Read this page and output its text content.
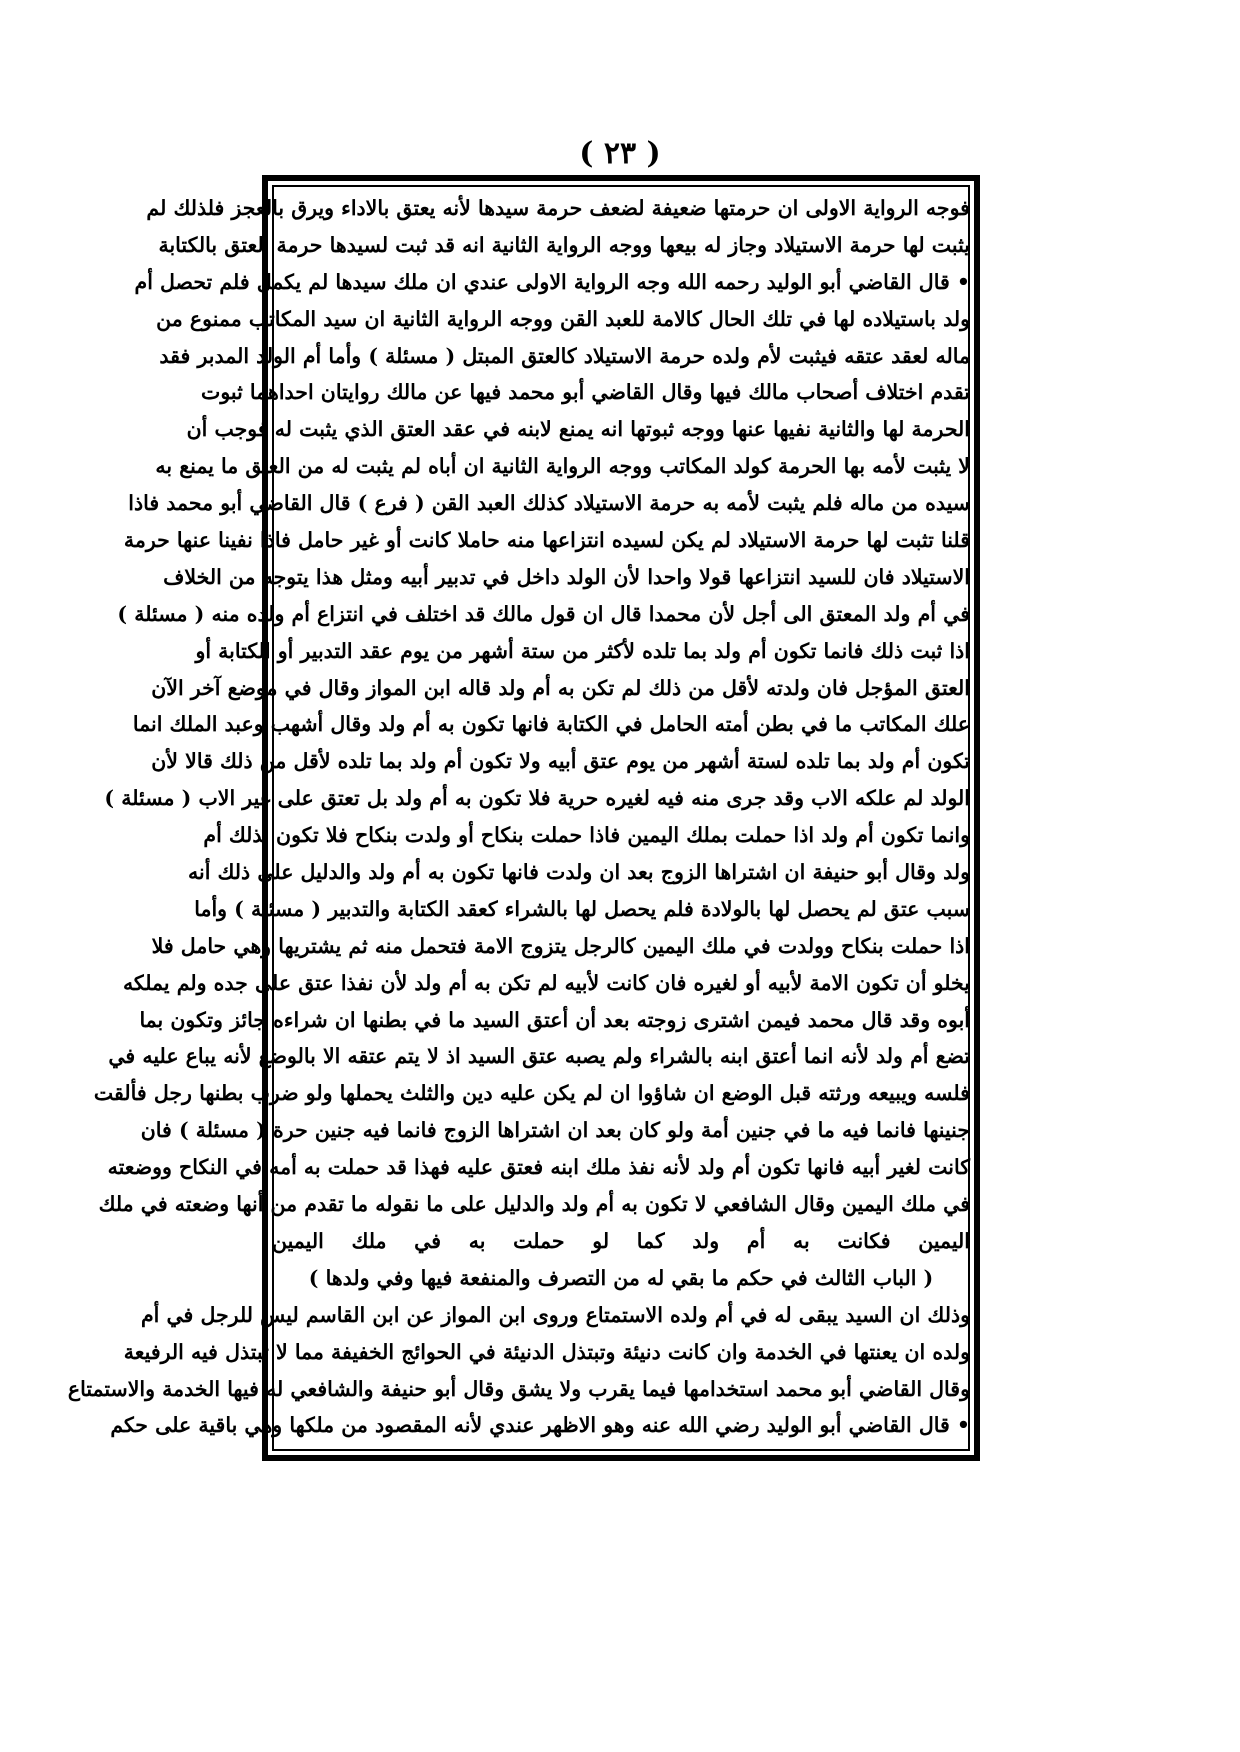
( ٢٣ )
فوجه الرواية الاولى ان حرمتها ضعيفة لضعف حرمة سيدها لأنه يعتق بالاداء ويرق بالعجز فلذلك لم
يثبت لها حرمة الاستيلاد وجاز له بيعها ووجه الرواية الثانية انه قد ثبت لسيدها حرمة العتق بالكتابة
• قال القاضي أبو الوليد رحمه الله وجه الرواية الاولى عندي ان ملك سيدها لم يكمل فلم تحصل أم
ولد باستيلاده لها في تلك الحال كالامة للعبد القن ووجه الرواية الثانية ان سيد المكاتب ممنوع من
ماله لعقد عتقه فيثبت لأم ولده حرمة الاستيلاد كالعتق المبتل ( مسئلة ) وأما أم الولد المدبر فقد
تقدم اختلاف أصحاب مالك فيها وقال القاضي أبو محمد فيها عن مالك روايتان احداهما ثبوت
الحرمة لها والثانية نفيها عنها ووجه ثبوتها انه يمنع لابنه في عقد العتق الذي يثبت له فوجب أن
لا يثبت لأمه بها الحرمة كولد المكاتب ووجه الرواية الثانية ان أباه لم يثبت له من العتق ما يمنع به
سيده من ماله فلم يثبت لأمه به حرمة الاستيلاد كذلك العبد القن ( فرع ) قال القاضي أبو محمد فاذا
قلنا تثبت لها حرمة الاستيلاد لم يكن لسيده انتزاعها منه حاملا كانت أو غير حامل فاذا نفينا عنها حرمة
الاستيلاد فان للسيد انتزاعها قولا واحدا لأن الولد داخل في تدبير أبيه ومثل هذا يتوجه من الخلاف
في أم ولد المعتق الى أجل لأن محمدا قال ان قول مالك قد اختلف في انتزاع أم ولده منه ( مسئلة )
اذا ثبت ذلك فانما تكون أم ولد بما تلده لأكثر من ستة أشهر من يوم عقد التدبير أو الكتابة أو
العتق المؤجل فان ولدته لأقل من ذلك لم تكن به أم ولد قاله ابن المواز وقال في موضع آخر الآن
علك المكاتب ما في بطن أمته الحامل في الكتابة فانها تكون به أم ولد وقال أشهب وعبد الملك انما
تكون أم ولد بما تلده لستة أشهر من يوم عتق أبيه ولا تكون أم ولد بما تلده لأقل من ذلك قالا لأن
الولد لم علكه الاب وقد جرى منه فيه لغيره حرية فلا تكون به أم ولد بل تعتق على غير الاب ( مسئلة )
وانما تكون أم ولد اذا حملت بملك اليمين فاذا حملت بنكاح أو ولدت بنكاح فلا تكون بذلك أم
ولد وقال أبو حنيفة ان اشتراها الزوج بعد ان ولدت فانها تكون به أم ولد والدليل على ذلك أنه
سبب عتق لم يحصل لها بالولادة فلم يحصل لها بالشراء كعقد الكتابة والتدبير ( مسئلة ) وأما
اذا حملت بنكاح وولدت في ملك اليمين كالرجل يتزوج الامة فتحمل منه ثم يشتريها وهي حامل فلا
يخلو أن تكون الامة لأبيه أو لغيره فان كانت لأبيه لم تكن به أم ولد لأن نفذا عتق على جده ولم يملكه
أبوه وقد قال محمد فيمن اشترى زوجته بعد أن أعتق السيد ما في بطنها ان شراءه جائز وتكون بما
تضع أم ولد لأنه انما أعتق ابنه بالشراء ولم يصبه عتق السيد اذ لا يتم عتقه الا بالوضع لأنه يباع عليه في
فلسه ويبيعه ورثته قبل الوضع ان شاؤوا ان لم يكن عليه دين والثلث يحملها ولو ضرب بطنها رجل فألقت
جنينها فانما فيه ما في جنين أمة ولو كان بعد ان اشتراها الزوج فانما فيه جنين حرة ( مسئلة ) فان
كانت لغير أبيه فانها تكون أم ولد لأنه نفذ ملك ابنه فعتق عليه فهذا قد حملت به أمه في النكاح ووضعته
في ملك اليمين وقال الشافعي لا تكون به أم ولد والدليل على ما نقوله ما تقدم من أنها وضعته في ملك
اليمين فكانت به أم ولد كما لو حملت به في ملك اليمين
( الباب الثالث في حكم ما بقي له من التصرف والمنفعة فيها وفي ولدها )
وذلك ان السيد يبقى له في أم ولده الاستمتاع وروى ابن المواز عن ابن القاسم ليس للرجل في أم
ولده ان يعنتها في الخدمة وان كانت دنيئة وتبتذل الدنيئة في الحوائج الخفيفة مما لا تبتذل فيه الرفيعة
وقال القاضي أبو محمد استخدامها فيما يقرب ولا يشق وقال أبو حنيفة والشافعي له فيها الخدمة والاستمتاع
• قال القاضي أبو الوليد رضي الله عنه وهو الاظهر عندي لأنه المقصود من ملكها وهي باقية على حكم
